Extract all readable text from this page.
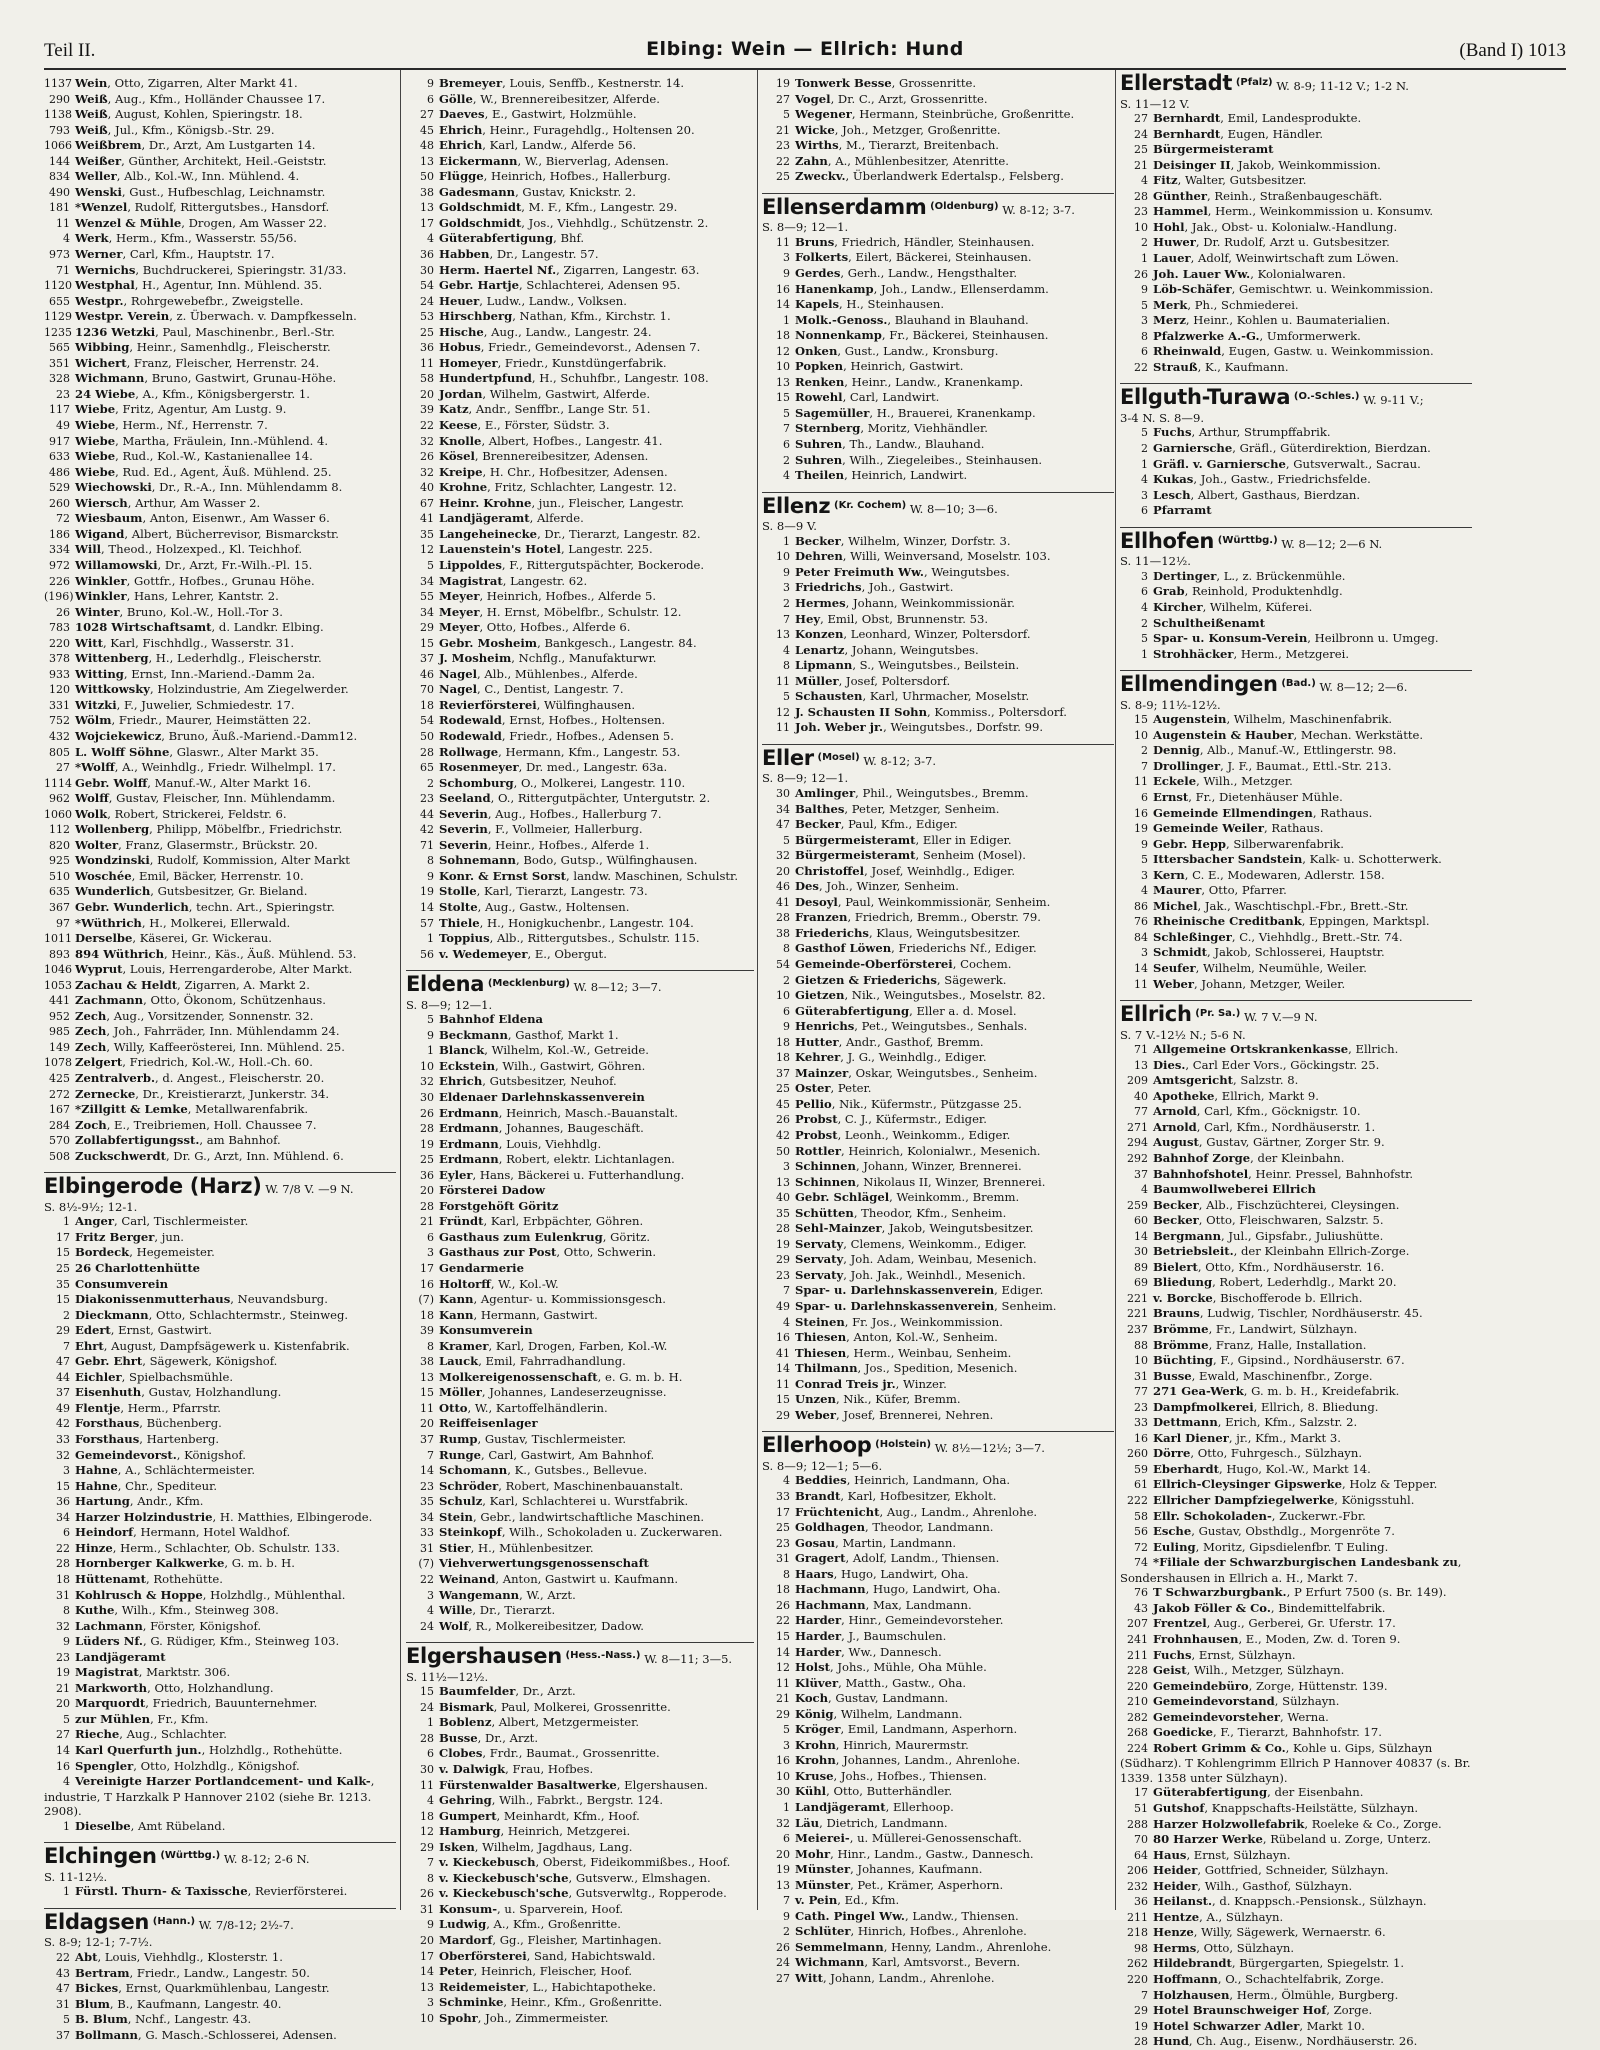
Teil II.	Elbing: Wein — Ellrich: Hund	(Band I) 1013
1137 Wein, Otto, Zigarren, Alter Markt 41.
290 Weiß, Aug., Kfm., Holländer Chaussee 17.
1138 Weiß, August, Kohlen, Spieringstr. 18.
793 Weiß, Jul., Kfm., Königsb.-Str. 29.
1066 Weißbrem, Dr., Arzt, Am Lustgarten 14.
144 Weißer, Günther, Architekt, Heil.-Geiststr.
834 Weller, Alb., Kol.-W., Inn. Mühlend. 4.
490 Wenski, Gust., Hufbeschlag, Leichnamstr.
181 *Wenzel, Rudolf, Rittergutsbes., Hansdorf.
11 Wenzel & Mühle, Drogen, Am Wasser 22.
4 Werk, Herm., Kfm., Wasserstr. 55/56.
973 Werner, Carl, Kfm., Hauptstr. 17.
71 Wernichs, Buchdruckerei, Spieringstr. 31/33.
1120 Westphal, H., Agentur, Inn. Mühlend. 35.
655 Westpr., Rohrgewebefbr., Zweigstelle.
1129 Westpr. Verein, z. Überwach. v. Dampfkesseln.
1235 1236 Wetzki, Paul, Maschinenbr., Berl.-Str.
565 Wibbing, Heinr., Samenhdlg., Fleischerstr.
351 Wichert, Franz, Fleischer, Herrenstr. 24.
328 Wichmann, Bruno, Gastwirt, Grunau-Höhe.
23 24 Wiebe, A., Kfm., Königsbergerstr. 1.
117 Wiebe, Fritz, Agentur, Am Lustg. 9.
49 Wiebe, Herm., Nf., Herrenstr. 7.
917 Wiebe, Martha, Fräulein, Inn.-Mühlend. 4.
633 Wiebe, Rud., Kol.-W., Kastanienallee 14.
486 Wiebe, Rud. Ed., Agent, Äuß. Mühlend. 25.
529 Wiechowski, Dr., R.-A., Inn. Mühlendamm 8.
260 Wiersch, Arthur, Am Wasser 2.
72 Wiesbaum, Anton, Eisenwr., Am Wasser 6.
186 Wigand, Albert, Bücherrevisor, Bismarckstr.
334 Will, Theod., Holzexped., Kl. Teichhof.
972 Willamowski, Dr., Arzt, Fr.-Wilh.-Pl. 15.
226 Winkler, Gottfr., Hofbes., Grunau Höhe.
(196)Winkler, Hans, Lehrer, Kantstr. 2.
26 Winter, Bruno, Kol.-W., Holl.-Tor 3.
783 1028 Wirtschaftsamt, d. Landkr. Elbing.
220 Witt, Karl, Fischhdlg., Wasserstr. 31.
378 Wittenberg, H., Lederhdlg., Fleischerstr.
933 Witting, Ernst, Inn.-Mariend.-Damm 2a.
120 Wittkowsky, Holzindustrie, Am Ziegelwerder.
331 Witzki, F., Juwelier, Schmiedestr. 17.
752 Wölm, Friedr., Maurer, Heimstätten 22.
432 Wojciekewicz, Bruno, Äuß.-Mariend.-Damm12.
805 L. Wolff Söhne, Glaswr., Alter Markt 35.
27 *Wolff, A., Weinhdlg., Friedr. Wilhelmpl. 17.
1114 Gebr. Wolff, Manuf.-W., Alter Markt 16.
962 Wolff, Gustav, Fleischer, Inn. Mühlendamm.
1060 Wolk, Robert, Strickerei, Feldstr. 6.
112 Wollenberg, Philipp, Möbelfbr., Friedrichstr.
820 Wolter, Franz, Glasermstr., Brückstr. 20.
925 Wondzinski, Rudolf, Kommission, Alter Markt
510 Woschée, Emil, Bäcker, Herrenstr. 10.
635 Wunderlich, Gutsbesitzer, Gr. Bieland.
367 Gebr. Wunderlich, techn. Art., Spieringstr.
97 *Wüthrich, H., Molkerei, Ellerwald.
1011 Derselbe, Käserei, Gr. Wickerau.
893 894 Wüthrich, Heinr., Käs., Äuß. Mühlend. 53.
1046 Wyprut, Louis, Herrengarderobe, Alter Markt.
1053 Zachau & Heldt, Zigarren, A. Markt 2.
441 Zachmann, Otto, Ökonom, Schützenhaus.
952 Zech, Aug., Vorsitzender, Sonnenstr. 32.
985 Zech, Joh., Fahrräder, Inn. Mühlendamm 24.
149 Zech, Willy, Kaffeerösterei, Inn. Mühlend. 25.
1078 Zelgert, Friedrich, Kol.-W., Holl.-Ch. 60.
425 Zentralverb., d. Angest., Fleischerstr. 20.
272 Zernecke, Dr., Kreistierarzt, Junkerstr. 34.
167 *Zillgitt & Lemke, Metallwarenfabrik.
284 Zoch, E., Treibriemen, Holl. Chaussee 7.
570 Zollabfertigungsst., am Bahnhof.
508 Zuckschwerdt, Dr. G., Arzt, Inn. Mühlend. 6.
Elbingerode (Harz) W. 7/8 V. —9 N.
S. 8½-9½; 12-1.
1 Anger, Carl, Tischlermeister.
17 Fritz Berger, jun.
15 Bordeck, Hegemeister.
25 26 Charlottenhütte
35 Consumverein
15 Diakonissenmutterhaus, Neuvandsburg.
2 Dieckmann, Otto, Schlachtermstr., Steinweg.
29 Edert, Ernst, Gastwirt.
7 Ehrt, August, Dampfsägewerk u. Kistenfabrik.
47 Gebr. Ehrt, Sägewerk, Königshof.
44 Eichler, Spielbachsmühle.
37 Eisenhuth, Gustav, Holzhandlung.
49 Flentje, Herm., Pfarrstr.
42 Forsthaus, Büchenberg.
33 Forsthaus, Hartenberg.
32 Gemeindevorst., Königshof.
3 Hahne, A., Schlächtermeister.
15 Hahne, Chr., Spediteur.
36 Hartung, Andr., Kfm.
34 Harzer Holzindustrie, H. Matthies, Elbingerode.
6 Heindorf, Hermann, Hotel Waldhof.
22 Hinze, Herm., Schlachter, Ob. Schulstr. 133.
28 Hornberger Kalkwerke, G. m. b. H.
18 Hüttenamt, Rothehütte.
31 Kohlrusch & Hoppe, Holzhdlg., Mühlenthal.
8 Kuthe, Wilh., Kfm., Steinweg 308.
32 Lachmann, Förster, Königshof.
9 Lüders Nf., G. Rüdiger, Kfm., Steinweg 103.
23 Landjägeramt
19 Magistrat, Marktstr. 306.
21 Markworth, Otto, Holzhandlung.
20 Marquordt, Friedrich, Bauunternehmer.
5 zur Mühlen, Fr., Kfm.
27 Rieche, Aug., Schlachter.
14 Karl Querfurth jun., Holzhdlg., Rothehütte.
16 Spengler, Otto, Holzhdlg., Königshof.
4 Vereinigte Harzer Portlandcement- und Kalk-, industrie, T Harzkalk P Hannover 2102 (siehe Br. 1213. 2908).
1 Dieselbe, Amt Rübeland.
Elchingen (Württbg.) W. 8-12; 2-6 N.
S. 11-12½.
1 Fürstl. Thurn- & Taxissche, Revierförsterei.
Eldagsen (Hann.) W. 7/8-12; 2½-7.
S. 8-9; 12-1; 7-7½.
22 Abt, Louis, Viehhdlg., Klosterstr. 1.
43 Bertram, Friedr., Landw., Langestr. 50.
47 Bickes, Ernst, Quarkmühlenbau, Langestr.
31 Blum, B., Kaufmann, Langestr. 40.
5 B. Blum, Nchf., Langestr. 43.
37 Bollmann, G. Masch.-Schlosserei, Adensen.
9 Bremeyer, Louis, Senffb., Kestnerstr. 14.
6 Gölle, W., Brennereibesitzer, Alferde.
27 Daeves, E., Gastwirt, Holzmühle.
45 Ehrich, Heinr., Furagehdlg., Holtensen 20.
48 Ehrich, Karl, Landw., Alferde 56.
13 Eickermann, W., Bierverlag, Adensen.
50 Flügge, Heinrich, Hofbes., Hallerburg.
38 Gadesmann, Gustav, Knickstr. 2.
13 Goldschmidt, M. F., Kfm., Langestr. 29.
17 Goldschmidt, Jos., Viehhdlg., Schützenstr. 2.
4 Güterabfertigung, Bhf.
36 Habben, Dr., Langestr. 57.
30 Herm. Haertel Nf., Zigarren, Langestr. 63.
54 Gebr. Hartje, Schlachterei, Adensen 95.
24 Heuer, Ludw., Landw., Volksen.
53 Hirschberg, Nathan, Kfm., Kirchstr. 1.
25 Hische, Aug., Landw., Langestr. 24.
36 Hobus, Friedr., Gemeindevorst., Adensen 7.
11 Homeyer, Friedr., Kunstdüngerfabrik.
58 Hundertpfund, H., Schuhfbr., Langestr. 108.
20 Jordan, Wilhelm, Gastwirt, Alferde.
39 Katz, Andr., Senffbr., Lange Str. 51.
22 Keese, E., Förster, Südstr. 3.
32 Knolle, Albert, Hofbes., Langestr. 41.
26 Kösel, Brennereibesitzer, Adensen.
32 Kreipe, H. Chr., Hofbesitzer, Adensen.
40 Krohne, Fritz, Schlachter, Langestr. 12.
67 Heinr. Krohne, jun., Fleischer, Langestr.
41 Landjägeramt, Alferde.
35 Langeheinecke, Dr., Tierarzt, Langestr. 82.
12 Lauenstein's Hotel, Langestr. 225.
5 Lippoldes, F., Rittergutspächter, Bockerode.
34 Magistrat, Langestr. 62.
55 Meyer, Heinrich, Hofbes., Alferde 5.
34 Meyer, H. Ernst, Möbelfbr., Schulstr. 12.
29 Meyer, Otto, Hofbes., Alferde 6.
15 Gebr. Mosheim, Bankgesch., Langestr. 84.
37 J. Mosheim, Nchflg., Manufakturwr.
46 Nagel, Alb., Mühlenbes., Alferde.
70 Nagel, C., Dentist, Langestr. 7.
18 Revierförsterei, Wülfinghausen.
54 Rodewald, Ernst, Hofbes., Holtensen.
50 Rodewald, Friedr., Hofbes., Adensen 5.
28 Rollwage, Hermann, Kfm., Langestr. 53.
65 Rosenmeyer, Dr. med., Langestr. 63a.
2 Schomburg, O., Molkerei, Langestr. 110.
23 Seeland, O., Rittergutpächter, Untergutstr. 2.
44 Severin, Aug., Hofbes., Hallerburg 7.
42 Severin, F., Vollmeier, Hallerburg.
71 Severin, Heinr., Hofbes., Alferde 1.
8 Sohnemann, Bodo, Gutsp., Wülfinghausen.
9 Konr. & Ernst Sorst, landw. Maschinen, Schulstr.
19 Stolle, Karl, Tierarzt, Langestr. 73.
14 Stolte, Aug., Gastw., Holtensen.
57 Thiele, H., Honigkuchenbr., Langestr. 104.
1 Toppius, Alb., Rittergutsbes., Schulstr. 115.
56 v. Wedemeyer, E., Obergut.
Eldena (Mecklenburg) W. 8—12; 3—7.
S. 8—9; 12—1.
5 Bahnhof Eldena
9 Beckmann, Gasthof, Markt 1.
1 Blanck, Wilhelm, Kol.-W., Getreide.
10 Eckstein, Wilh., Gastwirt, Göhren.
32 Ehrich, Gutsbesitzer, Neuhof.
30 Eldenaer Darlehnskassenverein
26 Erdmann, Heinrich, Masch.-Bauanstalt.
28 Erdmann, Johannes, Baugeschäft.
19 Erdmann, Louis, Viehhdlg.
25 Erdmann, Robert, elektr. Lichtanlagen.
36 Eyler, Hans, Bäckerei u. Futterhandlung.
20 Försterei Dadow
28 Forstgehöft Göritz
21 Fründt, Karl, Erbpächter, Göhren.
6 Gasthaus zum Eulenkrug, Göritz.
3 Gasthaus zur Post, Otto, Schwerin.
17 Gendarmerie
16 Holtorff, W., Kol.-W.
(7) Kann, Agentur- u. Kommissionsgesch.
18 Kann, Hermann, Gastwirt.
39 Konsumverein
8 Kramer, Karl, Drogen, Farben, Kol.-W.
38 Lauck, Emil, Fahrradhandlung.
13 Molkereigenossenschaft, e. G. m. b. H.
15 Möller, Johannes, Landeserzeugnisse.
11 Otto, W., Kartoffelhändlerin.
20 Reiffeisenlager
37 Rump, Gustav, Tischlermeister.
7 Runge, Carl, Gastwirt, Am Bahnhof.
14 Schomann, K., Gutsbes., Bellevue.
23 Schröder, Robert, Maschinenbauanstalt.
35 Schulz, Karl, Schlachterei u. Wurstfabrik.
34 Stein, Gebr., landwirtschaftliche Maschinen.
33 Steinkopf, Wilh., Schokoladen u. Zuckerwaren.
31 Stier, H., Mühlenbesitzer.
(7) Viehverwertungsgenossenschaft
22 Weinand, Anton, Gastwirt u. Kaufmann.
3 Wangemann, W., Arzt.
4 Wille, Dr., Tierarzt.
24 Wolf, R., Molkereibesitzer, Dadow.
Elgershausen (Hess.-Nass.) W. 8—11; 3—5.
S. 11½—12½.
15 Baumfelder, Dr., Arzt.
24 Bismark, Paul, Molkerei, Grossenritte.
1 Boblenz, Albert, Metzgermeister.
28 Busse, Dr., Arzt.
6 Clobes, Frdr., Baumat., Grossenritte.
30 v. Dalwigk, Frau, Hofbes.
11 Fürstenwalder Basaltwerke, Elgershausen.
4 Gehring, Wilh., Fabrkt., Bergstr. 124.
18 Gumpert, Meinhardt, Kfm., Hoof.
12 Hamburg, Heinrich, Metzgerei.
29 Isken, Wilhelm, Jagdhaus, Lang.
7 v. Kieckebusch, Oberst, Fideikommißbes., Hoof.
8 v. Kieckebusch'sche, Gutsverw., Elmshagen.
26 v. Kieckebusch'sche, Gutsverwltg., Ropperode.
31 Konsum-, u. Sparverein, Hoof.
9 Ludwig, A., Kfm., Großenritte.
20 Mardorf, Gg., Fleisher, Martinhagen.
17 Oberförsterei, Sand, Habichtswald.
14 Peter, Heinrich, Fleischer, Hoof.
13 Reidemeister, L., Habichtapotheke.
3 Schminke, Heinr., Kfm., Großenritte.
10 Spohr, Joh., Zimmermeister.
19 Tonwerk Besse, Grossenritte.
27 Vogel, Dr. C., Arzt, Grossenritte.
5 Wegener, Hermann, Steinbrüche, Großenritte.
21 Wicke, Joh., Metzger, Großenritte.
23 Wirths, M., Tierarzt, Breitenbach.
22 Zahn, A., Mühlenbesitzer, Atenritte.
25 Zweckv., Überlandwerk Edertalsp., Felsberg.
Ellenserdamm (Oldenburg) W. 8-12; 3-7.
S. 8—9; 12—1.
11 Bruns, Friedrich, Händler, Steinhausen.
3 Folkerts, Eilert, Bäckerei, Steinhausen.
9 Gerdes, Gerh., Landw., Hengsthalter.
16 Hanenkamp, Joh., Landw., Ellenserdamm.
14 Kapels, H., Steinhausen.
1 Molk.-Genoss., Blauhand in Blauhand.
18 Nonnenkamp, Fr., Bäckerei, Steinhausen.
12 Onken, Gust., Landw., Kronsburg.
10 Popken, Heinrich, Gastwirt.
13 Renken, Heinr., Landw., Kranenkamp.
15 Rowehl, Carl, Landwirt.
5 Sagemüller, H., Brauerei, Kranenkamp.
7 Sternberg, Moritz, Viehhändler.
6 Suhren, Th., Landw., Blauhand.
2 Suhren, Wilh., Ziegeleibes., Steinhausen.
4 Theilen, Heinrich, Landwirt.
Ellenz (Kr. Cochem) W. 8—10; 3—6.
S. 8—9 V.
1 Becker, Wilhelm, Winzer, Dorfstr. 3.
10 Dehren, Willi, Weinversand, Moselstr. 103.
9 Peter Freimuth Ww., Weingutsbes.
3 Friedrichs, Joh., Gastwirt.
2 Hermes, Johann, Weinkommissionär.
7 Hey, Emil, Obst, Brunnenstr. 53.
13 Konzen, Leonhard, Winzer, Poltersdorf.
4 Lenartz, Johann, Weingutsbes.
8 Lipmann, S., Weingutsbes., Beilstein.
11 Müller, Josef, Poltersdorf.
5 Schausten, Karl, Uhrmacher, Moselstr.
12 J. Schausten II Sohn, Kommiss., Poltersdorf.
11 Joh. Weber jr., Weingutsbes., Dorfstr. 99.
Eller (Mosel) W. 8-12; 3-7.
S. 8—9; 12—1.
30 Amlinger, Phil., Weingutsbes., Bremm.
34 Balthes, Peter, Metzger, Senheim.
47 Becker, Paul, Kfm., Ediger.
5 Bürgermeisteramt, Eller in Ediger.
32 Bürgermeisteramt, Senheim (Mosel).
20 Christoffel, Josef, Weinhdlg., Ediger.
46 Des, Joh., Winzer, Senheim.
41 Desoyl, Paul, Weinkommissionär, Senheim.
28 Franzen, Friedrich, Bremm., Oberstr. 79.
38 Friederichs, Klaus, Weingutsbesitzer.
8 Gasthof Löwen, Friederichs Nf., Ediger.
54 Gemeinde-Oberförsterei, Cochem.
2 Gietzen & Friederichs, Sägewerk.
10 Gietzen, Nik., Weingutsbes., Moselstr. 82.
6 Güterabfertigung, Eller a. d. Mosel.
9 Henrichs, Pet., Weingutsbes., Senhals.
18 Hutter, Andr., Gasthof, Bremm.
18 Kehrer, J. G., Weinhdlg., Ediger.
37 Mainzer, Oskar, Weingutsbes., Senheim.
25 Oster, Peter.
45 Pellio, Nik., Küfermstr., Pützgasse 25.
26 Probst, C. J., Küfermstr., Ediger.
42 Probst, Leonh., Weinkomm., Ediger.
50 Rottler, Heinrich, Kolonialwr., Mesenich.
3 Schinnen, Johann, Winzer, Brennerei.
13 Schinnen, Nikolaus II, Winzer, Brennerei.
40 Gebr. Schlägel, Weinkomm., Bremm.
35 Schütten, Theodor, Kfm., Senheim.
28 Sehl-Mainzer, Jakob, Weingutsbesitzer.
19 Servaty, Clemens, Weinkomm., Ediger.
29 Servaty, Joh. Adam, Weinbau, Mesenich.
23 Servaty, Joh. Jak., Weinhdl., Mesenich.
7 Spar- u. Darlehnskassenverein, Ediger.
49 Spar- u. Darlehnskassenverein, Senheim.
4 Steinen, Fr. Jos., Weinkommission.
16 Thiesen, Anton, Kol.-W., Senheim.
41 Thiesen, Herm., Weinbau, Senheim.
14 Thilmann, Jos., Spedition, Mesenich.
11 Conrad Treis jr., Winzer.
15 Unzen, Nik., Küfer, Bremm.
29 Weber, Josef, Brennerei, Nehren.
Ellerhoop (Holstein) W. 8½—12½; 3—7.
S. 8—9; 12—1; 5—6.
4 Beddies, Heinrich, Landmann, Oha.
33 Brandt, Karl, Hofbesitzer, Ekholt.
17 Früchtenicht, Aug., Landm., Ahrenlohe.
25 Goldhagen, Theodor, Landmann.
23 Gosau, Martin, Landmann.
31 Gragert, Adolf, Landm., Thiensen.
8 Haars, Hugo, Landwirt, Oha.
18 Hachmann, Hugo, Landwirt, Oha.
26 Hachmann, Max, Landmann.
22 Harder, Hinr., Gemeindevorsteher.
15 Harder, J., Baumschulen.
14 Harder, Ww., Dannesch.
12 Holst, Johs., Mühle, Oha Mühle.
11 Klüver, Matth., Gastw., Oha.
21 Koch, Gustav, Landmann.
29 König, Wilhelm, Landmann.
5 Kröger, Emil, Landmann, Asperhorn.
3 Krohn, Hinrich, Maurermstr.
16 Krohn, Johannes, Landm., Ahrenlohe.
10 Kruse, Johs., Hofbes., Thiensen.
30 Kühl, Otto, Butterhändler.
1 Landjägeramt, Ellerhoop.
32 Läu, Dietrich, Landmann.
6 Meierei-, u. Müllerei-Genossenschaft.
20 Mohr, Hinr., Landm., Gastw., Dannesch.
19 Münster, Johannes, Kaufmann.
13 Münster, Pet., Krämer, Asperhorn.
7 v. Pein, Ed., Kfm.
9 Cath. Pingel Ww., Landw., Thiensen.
2 Schlüter, Hinrich, Hofbes., Ahrenlohe.
26 Semmelmann, Henny, Landm., Ahrenlohe.
24 Wichmann, Karl, Amtsvorst., Bevern.
27 Witt, Johann, Landm., Ahrenlohe.
Ellerstadt (Pfalz) W. 8-9; 11-12 V.; 1-2 N.
S. 11—12 V.
27 Bernhardt, Emil, Landesprodukte.
24 Bernhardt, Eugen, Händler.
25 Bürgermeisteramt
21 Deisinger II, Jakob, Weinkommission.
4 Fitz, Walter, Gutsbesitzer.
28 Günther, Reinh., Straßenbaugeschäft.
23 Hammel, Herm., Weinkommission u. Konsumv.
10 Hohl, Jak., Obst- u. Kolonialw.-Handlung.
2 Huwer, Dr. Rudolf, Arzt u. Gutsbesitzer.
1 Lauer, Adolf, Weinwirtschaft zum Löwen.
26 Joh. Lauer Ww., Kolonialwaren.
9 Löb-Schäfer, Gemischtwr. u. Weinkommission.
5 Merk, Ph., Schmiederei.
3 Merz, Heinr., Kohlen u. Baumaterialien.
8 Pfalzwerke A.-G., Umformerwerk.
6 Rheinwald, Eugen, Gastw. u. Weinkommission.
22 Strauß, K., Kaufmann.
Ellguth-Turawa (O.-Schles.) W. 9-11 V.;
3-4 N. S. 8—9.
5 Fuchs, Arthur, Strumpffabrik.
2 Garniersche, Gräfl., Güterdirektion, Bierdzan.
1 Gräfl. v. Garniersche, Gutsverwalt., Sacrau.
4 Kukas, Joh., Gastw., Friedrichsfelde.
3 Lesch, Albert, Gasthaus, Bierdzan.
6 Pfarramt
Ellhofen (Württbg.) W. 8—12; 2—6 N.
S. 11—12½.
3 Dertinger, L., z. Brückenmühle.
6 Grab, Reinhold, Produktenhdlg.
4 Kircher, Wilhelm, Küferei.
2 Schultheißenamt
5 Spar- u. Konsum-Verein, Heilbronn u. Umgeg.
1 Strohhäcker, Herm., Metzgerei.
Ellmendingen (Bad.) W. 8—12; 2—6.
S. 8-9; 11½-12½.
15 Augenstein, Wilhelm, Maschinenfabrik.
10 Augenstein & Hauber, Mechan. Werkstätte.
2 Dennig, Alb., Manuf.-W., Ettlingerstr. 98.
7 Drollinger, J. F., Baumat., Ettl.-Str. 213.
11 Eckele, Wilh., Metzger.
6 Ernst, Fr., Dietenhäuser Mühle.
16 Gemeinde Ellmendingen, Rathaus.
19 Gemeinde Weiler, Rathaus.
9 Gebr. Hepp, Silberwarenfabrik.
5 Ittersbacher Sandstein, Kalk- u. Schotterwerk.
3 Kern, C. E., Modewaren, Adlerstr. 158.
4 Maurer, Otto, Pfarrer.
86 Michel, Jak., Waschtischpl.-Fbr., Brett.-Str.
76 Rheinische Creditbank, Eppingen, Marktspl.
84 Schleßinger, C., Viehhdlg., Brett.-Str. 74.
3 Schmidt, Jakob, Schlosserei, Hauptstr.
14 Seufer, Wilhelm, Neumühle, Weiler.
11 Weber, Johann, Metzger, Weiler.
Ellrich (Pr. Sa.) W. 7 V.—9 N.
S. 7 V.-12½ N.; 5-6 N.
71 Allgemeine Ortskrankenkasse, Ellrich.
13 Dies., Carl Eder Vors., Göckingstr. 25.
209 Amtsgericht, Salzstr. 8.
40 Apotheke, Ellrich, Markt 9.
77 Arnold, Carl, Kfm., Göcknigstr. 10.
271 Arnold, Carl, Kfm., Nordhäuserstr. 1.
294 August, Gustav, Gärtner, Zorger Str. 9.
292 Bahnhof Zorge, der Kleinbahn.
37 Bahnhofshotel, Heinr. Pressel, Bahnhofstr.
4 Baumwollweberei Ellrich
259 Becker, Alb., Fischzüchterei, Cleysingen.
60 Becker, Otto, Fleischwaren, Salzstr. 5.
14 Bergmann, Jul., Gipsfabr., Juliushütte.
30 Betriebsleit., der Kleinbahn Ellrich-Zorge.
89 Bielert, Otto, Kfm., Nordhäuserstr. 16.
69 Bliedung, Robert, Lederhdlg., Markt 20.
221 v. Borcke, Bischofferode b. Ellrich.
221 Brauns, Ludwig, Tischler, Nordhäuserstr. 45.
237 Brömme, Fr., Landwirt, Sülzhayn.
88 Brömme, Franz, Halle, Installation.
10 Büchting, F., Gipsind., Nordhäuserstr. 67.
31 Busse, Ewald, Maschinenfbr., Zorge.
77 271 Gea-Werk, G. m. b. H., Kreidefabrik.
23 Dampfmolkerei, Ellrich, 8. Bliedung.
33 Dettmann, Erich, Kfm., Salzstr. 2.
16 Karl Diener, jr., Kfm., Markt 3.
260 Dörre, Otto, Fuhrgesch., Sülzhayn.
59 Eberhardt, Hugo, Kol.-W., Markt 14.
61 Ellrich-Cleysinger Gipswerke, Holz & Tepper.
222 Ellricher Dampfziegelwerke, Königsstuhl.
58 Ellr. Schokoladen-, Zuckerwr.-Fbr.
56 Esche, Gustav, Obsthdlg., Morgenröte 7.
72 Euling, Moritz, Gipsdielenfbr. T Euling.
74 *Filiale der Schwarzburgischen Landesbank zu, Sondershausen in Ellrich a. H., Markt 7.
76 T Schwarzburgbank., P Erfurt 7500 (s. Br. 149).
43 Jakob Föller & Co., Bindemittelfabrik.
207 Frentzel, Aug., Gerberei, Gr. Uferstr. 17.
241 Frohnhausen, E., Moden, Zw. d. Toren 9.
211 Fuchs, Ernst, Sülzhayn.
228 Geist, Wilh., Metzger, Sülzhayn.
220 Gemeindebüro, Zorge, Hüttenstr. 139.
210 Gemeindevorstand, Sülzhayn.
282 Gemeindevorsteher, Werna.
268 Goedicke, F., Tierarzt, Bahnhofstr. 17.
224 Robert Grimm & Co., Kohle u. Gips, Sülzhayn (Südharz). T Kohlengrimm Ellrich P Hannover 40837 (s. Br. 1339. 1358 unter Sülzhayn).
17 Güterabfertigung, der Eisenbahn.
51 Gutshof, Knappschafts-Heilstätte, Sülzhayn.
288 Harzer Holzwollefabrik, Roeleke & Co., Zorge.
70 80 Harzer Werke, Rübeland u. Zorge, Unterz.
64 Haus, Ernst, Sülzhayn.
206 Heider, Gottfried, Schneider, Sülzhayn.
232 Heider, Wilh., Gasthof, Sülzhayn.
36 Heilanst., d. Knappsch.-Pensionsk., Sülzhayn.
211 Hentze, A., Sülzhayn.
218 Henze, Willy, Sägewerk, Wernaerstr. 6.
98 Herms, Otto, Sülzhayn.
262 Hildebrandt, Bürgergarten, Spiegelstr. 1.
220 Hoffmann, O., Schachtelfabrik, Zorge.
7 Holzhausen, Herm., Ölmühle, Burgberg.
29 Hotel Braunschweiger Hof, Zorge.
19 Hotel Schwarzer Adler, Markt 10.
28 Hund, Ch. Aug., Eisenw., Nordhäuserstr. 26.
